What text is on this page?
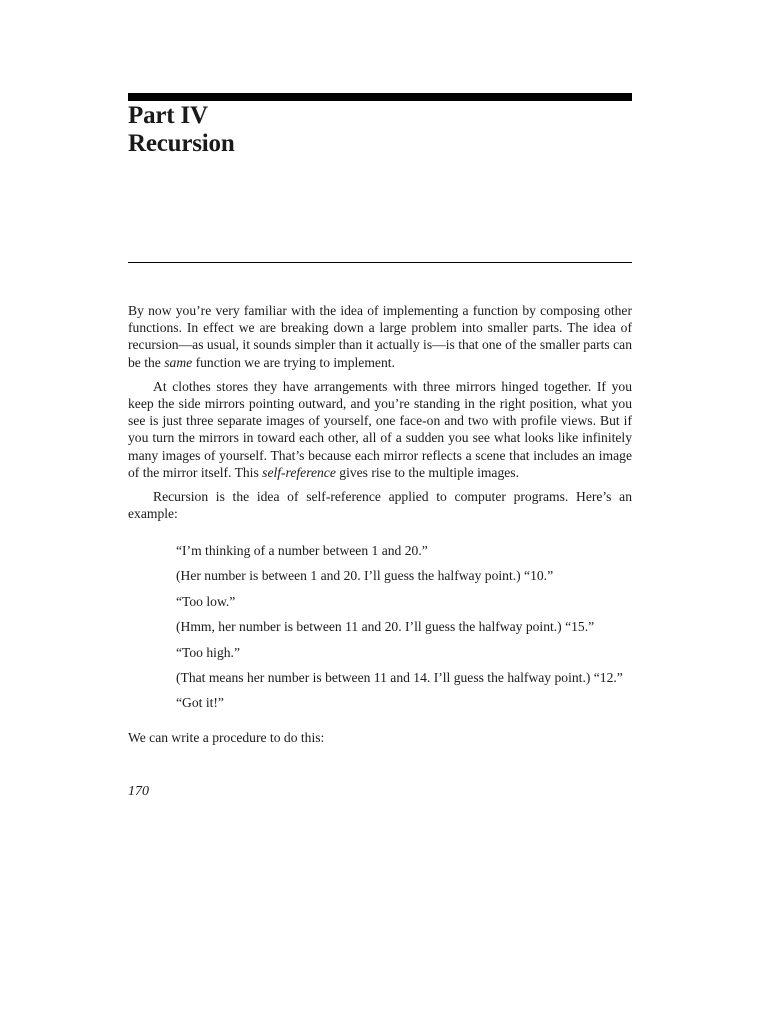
Part IV
Recursion

By now you’re very familiar with the idea of implementing a function by composing other functions. In effect we are breaking down a large problem into smaller parts. The idea of recursion—as usual, it sounds simpler than it actually is—is that one of the smaller parts can be the same function we are trying to implement.

At clothes stores they have arrangements with three mirrors hinged together. If you keep the side mirrors pointing outward, and you’re standing in the right position, what you see is just three separate images of yourself, one face-on and two with profile views. But if you turn the mirrors in toward each other, all of a sudden you see what looks like infinitely many images of yourself. That’s because each mirror reflects a scene that includes an image of the mirror itself. This self-reference gives rise to the multiple images.

Recursion is the idea of self-reference applied to computer programs. Here’s an example:

“I’m thinking of a number between 1 and 20.”

(Her number is between 1 and 20. I’ll guess the halfway point.) “10.”

“Too low.”

(Hmm, her number is between 11 and 20. I’ll guess the halfway point.) “15.”

“Too high.”

(That means her number is between 11 and 14. I’ll guess the halfway point.) “12.”

“Got it!”

We can write a procedure to do this:

170
